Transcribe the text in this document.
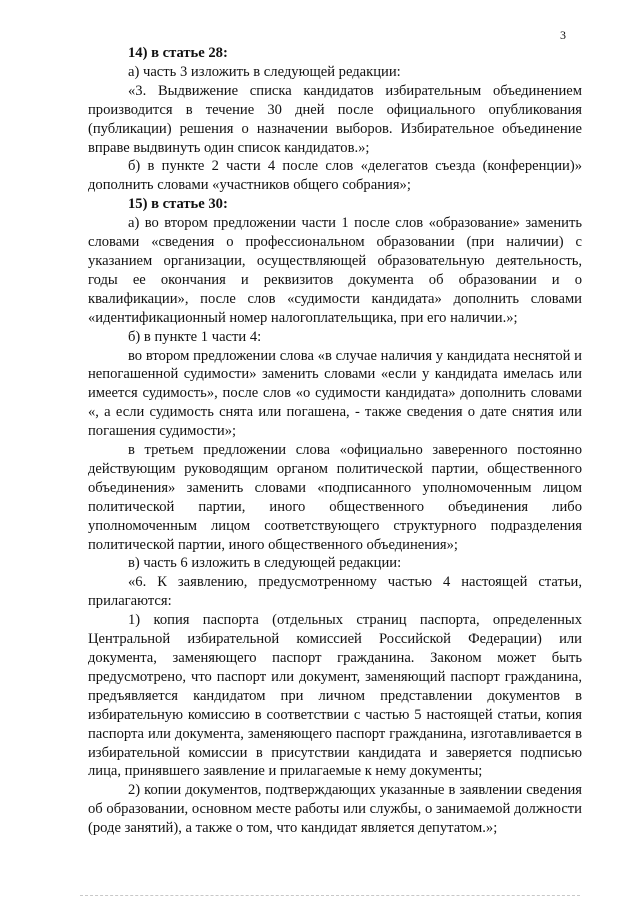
3

14) в статье 28:

а) часть 3 изложить в следующей редакции:

«3. Выдвижение списка кандидатов избирательным объединением производится в течение 30 дней после официального опубликования (публикации) решения о назначении выборов. Избирательное объединение вправе выдвинуть один список кандидатов.»;

б) в пункте 2 части 4 после слов «делегатов съезда (конференции)» дополнить словами «участников общего собрания»;

15) в статье 30:

а) во втором предложении части 1 после слов «образование» заменить словами «сведения о профессиональном образовании (при наличии) с указанием организации, осуществляющей образовательную деятельность, годы ее окончания и реквизитов документа об образовании и о квалификации», после слов «судимости кандидата» дополнить словами «идентификационный номер налогоплательщика, при его наличии.»;

б) в пункте 1 части 4:

во втором предложении слова «в случае наличия у кандидата неснятой и непогашенной судимости» заменить словами «если у кандидата имелась или имеется судимость», после слов «о судимости кандидата» дополнить словами «, а если судимость снята или погашена, - также сведения о дате снятия или погашения судимости»;

в третьем предложении слова «официально заверенного постоянно действующим руководящим органом политической партии, общественного объединения» заменить словами «подписанного уполномоченным лицом политической партии, иного общественного объединения либо уполномоченным лицом соответствующего структурного подразделения политической партии, иного общественного объединения»;

в) часть 6 изложить в следующей редакции:

«6. К заявлению, предусмотренному частью 4 настоящей статьи, прилагаются:

1) копия паспорта (отдельных страниц паспорта, определенных Центральной избирательной комиссией Российской Федерации) или документа, заменяющего паспорт гражданина. Законом может быть предусмотрено, что паспорт или документ, заменяющий паспорт гражданина, предъявляется кандидатом при личном представлении документов в избирательную комиссию в соответствии с частью 5 настоящей статьи, копия паспорта или документа, заменяющего паспорт гражданина, изготавливается в избирательной комиссии в присутствии кандидата и заверяется подписью лица, принявшего заявление и прилагаемые к нему документы;

2) копии документов, подтверждающих указанные в заявлении сведения об образовании, основном месте работы или службы, о занимаемой должности (роде занятий), а также о том, что кандидат является депутатом.»;
